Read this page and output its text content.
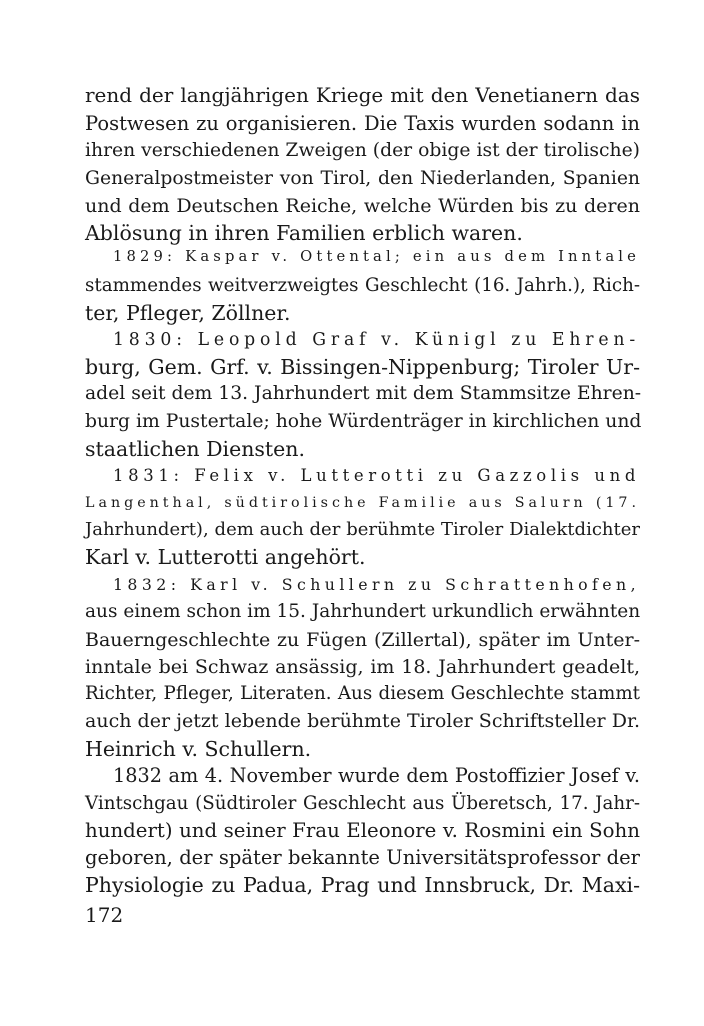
rend der langjährigen Kriege mit den Venetianern das
Postwesen zu organisieren. Die Taxis wurden sodann in
ihren verschiedenen Zweigen (der obige ist der tirolische)
Generalpostmeister von Tirol, den Niederlanden, Spanien
und dem Deutschen Reiche, welche Würden bis zu deren
Ablösung in ihren Familien erblich waren.
1829: Kaspar v. Ottental; ein aus dem Inntale
stammendes weitverzweigtes Geschlecht (16. Jahrh.), Rich-
ter, Pfleger, Zöllner.
1830: Leopold Graf v. Künigl zu Ehren-
burg, Gem. Grf. v. Bissingen-Nippenburg; Tiroler Ur-
adel seit dem 13. Jahrhundert mit dem Stammsitze Ehren-
burg im Pustertale; hohe Würdenträger in kirchlichen und
staatlichen Diensten.
1831: Felix v. Lutterotti zu Gazzolis und
Langenthal, südtirolische Familie aus Salurn (17.
Jahrhundert), dem auch der berühmte Tiroler Dialektdichter
Karl v. Lutterotti angehört.
1832: Karl v. Schullern zu Schrattenhofen,
aus einem schon im 15. Jahrhundert urkundlich erwähnten
Bauerngeschlechte zu Fügen (Zillertal), später im Unter-
inntale bei Schwaz ansässig, im 18. Jahrhundert geadelt,
Richter, Pfleger, Literaten. Aus diesem Geschlechte stammt
auch der jetzt lebende berühmte Tiroler Schriftsteller Dr.
Heinrich v. Schullern.
1832 am 4. November wurde dem Postoffizier Josef v.
Vintschgau (Südtiroler Geschlecht aus Überetsch, 17. Jahr-
hundert) und seiner Frau Eleonore v. Rosmini ein Sohn
geboren, der später bekannte Universitätsprofessor der
Physiologie zu Padua, Prag und Innsbruck, Dr. Maxi-
172
